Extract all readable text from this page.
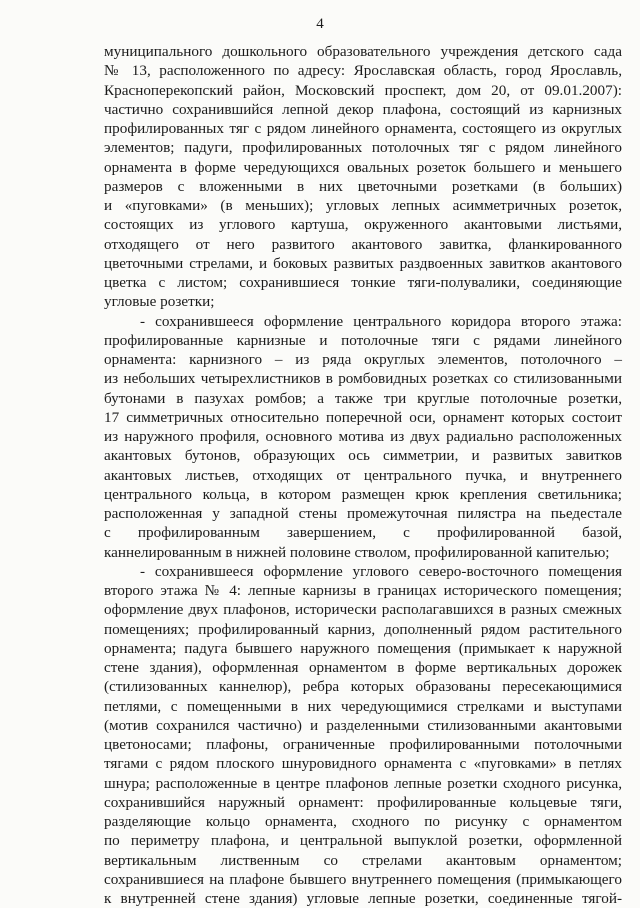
4
муниципального дошкольного образовательного учреждения детского сада
№ 13, расположенного по адресу: Ярославская область, город Ярославль,
Красноперекопский район, Московский проспект, дом 20, от 09.01.2007):
частично сохранившийся лепной декор плафона, состоящий из карнизных
профилированных тяг с рядом линейного орнамента, состоящего из округлых
элементов; падуги, профилированных потолочных тяг с рядом линейного
орнамента в форме чередующихся овальных розеток большего и меньшего
размеров с вложенными в них цветочными розетками (в больших)
и «пуговками» (в меньших); угловых лепных асимметричных розеток,
состоящих из углового картуша, окруженного акантовыми листьями,
отходящего от него развитого акантового завитка, фланкированного
цветочными стрелами, и боковых развитых раздвоенных завитков акантового
цветка с листом; сохранившиеся тонкие тяги-полувалики, соединяющие
угловые розетки;
- сохранившееся оформление центрального коридора второго этажа:
профилированные карнизные и потолочные тяги с рядами линейного
орнамента: карнизного – из ряда округлых элементов, потолочного –
из небольших четырехлистников в ромбовидных розетках со стилизованными
бутонами в пазухах ромбов; а также три круглые потолочные розетки,
17 симметричных относительно поперечной оси, орнамент которых состоит
из наружного профиля, основного мотива из двух радиально расположенных
акантовых бутонов, образующих ось симметрии, и развитых завитков
акантовых листьев, отходящих от центрального пучка, и внутреннего
центрального кольца, в котором размещен крюк крепления светильника;
расположенная у западной стены промежуточная пилястра на пьедестале
с профилированным завершением, с профилированной базой,
каннелированным в нижней половине стволом, профилированной капителью;
- сохранившееся оформление углового северо-восточного помещения
второго этажа № 4: лепные карнизы в границах исторического помещения;
оформление двух плафонов, исторически располагавшихся в разных смежных
помещениях; профилированный карниз, дополненный рядом растительного
орнамента; падуга бывшего наружного помещения (примыкает к наружной
стене здания), оформленная орнаментом в форме вертикальных дорожек
(стилизованных каннелюр), ребра которых образованы пересекающимися
петлями, с помещенными в них чередующимися стрелками и выступами
(мотив сохранился частично) и разделенными стилизованными акантовыми
цветоносами; плафоны, ограниченные профилированными потолочными
тягами с рядом плоского шнуровидного орнамента с «пуговками» в петлях
шнура; расположенные в центре плафонов лепные розетки сходного рисунка,
сохранившийся наружный орнамент: профилированные кольцевые тяги,
разделяющие кольцо орнамента, сходного по рисунку с орнаментом
по периметру плафона, и центральной выпуклой розетки, оформленной
вертикальным лиственным со стрелами акантовым орнаментом;
сохранившиеся на плафоне бывшего внутреннего помещения (примыкающего
к внутренней стене здания) угловые лепные розетки, соединенные тягой-
